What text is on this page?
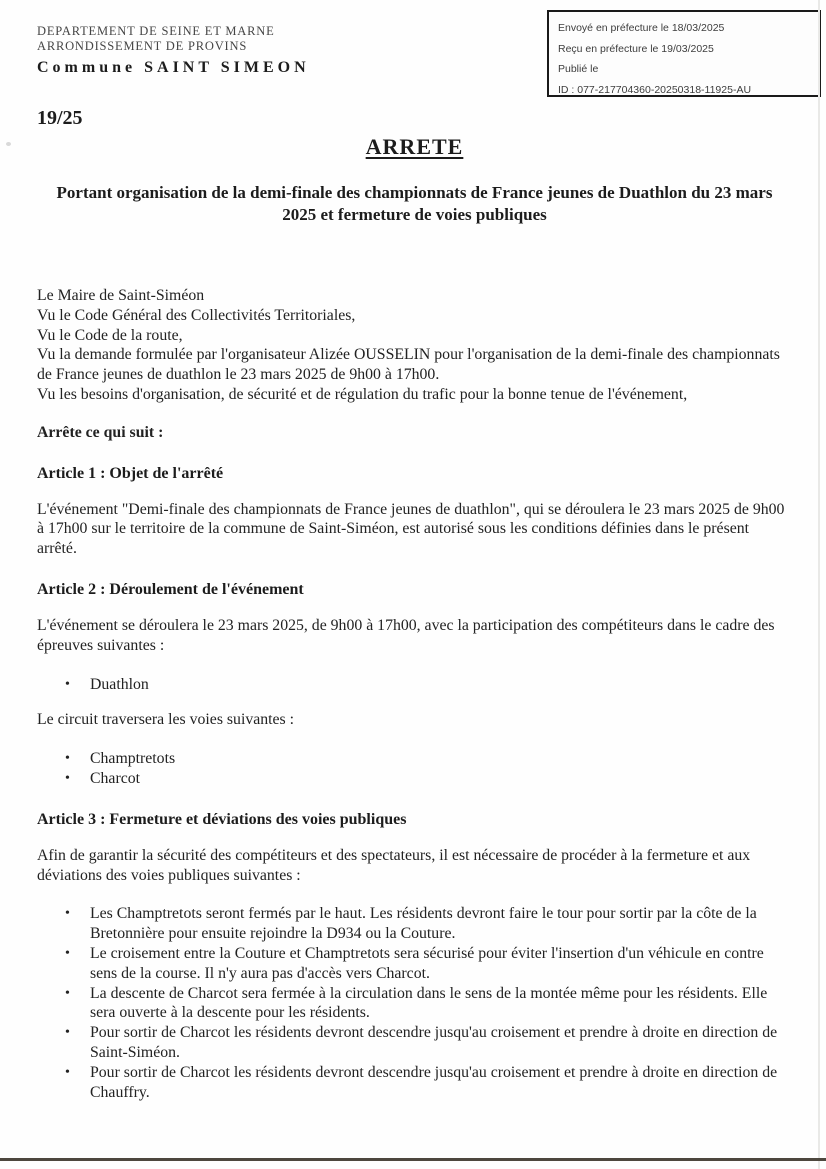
Envoyé en préfecture le 18/03/2025
Reçu en préfecture le 19/03/2025
Publié le
ID : 077-217704360-20250318-11925-AU
DEPARTEMENT DE SEINE ET MARNE
ARRONDISSEMENT DE PROVINS
Commune SAINT SIMEON
19/25
ARRETE
Portant organisation de la demi-finale des championnats de France jeunes de Duathlon du 23 mars 2025 et fermeture de voies publiques

Le Maire de Saint-Siméon

Vu le Code Général des Collectivités Territoriales,

Vu le Code de la route,

Vu la demande formulée par l'organisateur Alizée OUSSELIN pour l'organisation de la demi-finale des championnats de France jeunes de duathlon le 23 mars 2025 de 9h00 à 17h00.

Vu les besoins d'organisation, de sécurité et de régulation du trafic pour la bonne tenue de l'événement,

Arrête ce qui suit :

Article 1 : Objet de l'arrêté

L'événement "Demi-finale des championnats de France jeunes de duathlon", qui se déroulera le 23 mars 2025 de 9h00 à 17h00 sur le territoire de la commune de Saint-Siméon, est autorisé sous les conditions définies dans le présent arrêté.

Article 2 : Déroulement de l'événement

L'événement se déroulera le 23 mars 2025, de 9h00 à 17h00, avec la participation des compétiteurs dans le cadre des épreuves suivantes :

•	Duathlon

Le circuit traversera les voies suivantes :

•	Champtretots
•	Charcot
Article 3 : Fermeture et déviations des voies publiques

Afin de garantir la sécurité des compétiteurs et des spectateurs, il est nécessaire de procéder à la fermeture et aux déviations des voies publiques suivantes :

•	Les Champtretots seront fermés par le haut. Les résidents devront faire le tour pour sortir par la côte de la Bretonnière pour ensuite rejoindre la D934 ou la Couture.
•	Le croisement entre la Couture et Champtretots sera sécurisé pour éviter l'insertion d'un véhicule en contre sens de la course. Il n'y aura pas d'accès vers Charcot.
•	La descente de Charcot sera fermée à la circulation dans le sens de la montée même pour les résidents. Elle sera ouverte à la descente pour les résidents.
•	Pour sortir de Charcot les résidents devront descendre jusqu'au croisement et prendre à droite en direction de Saint-Siméon.
•	Pour sortir de Charcot les résidents devront descendre jusqu'au croisement et prendre à droite en direction de Chauffry.
